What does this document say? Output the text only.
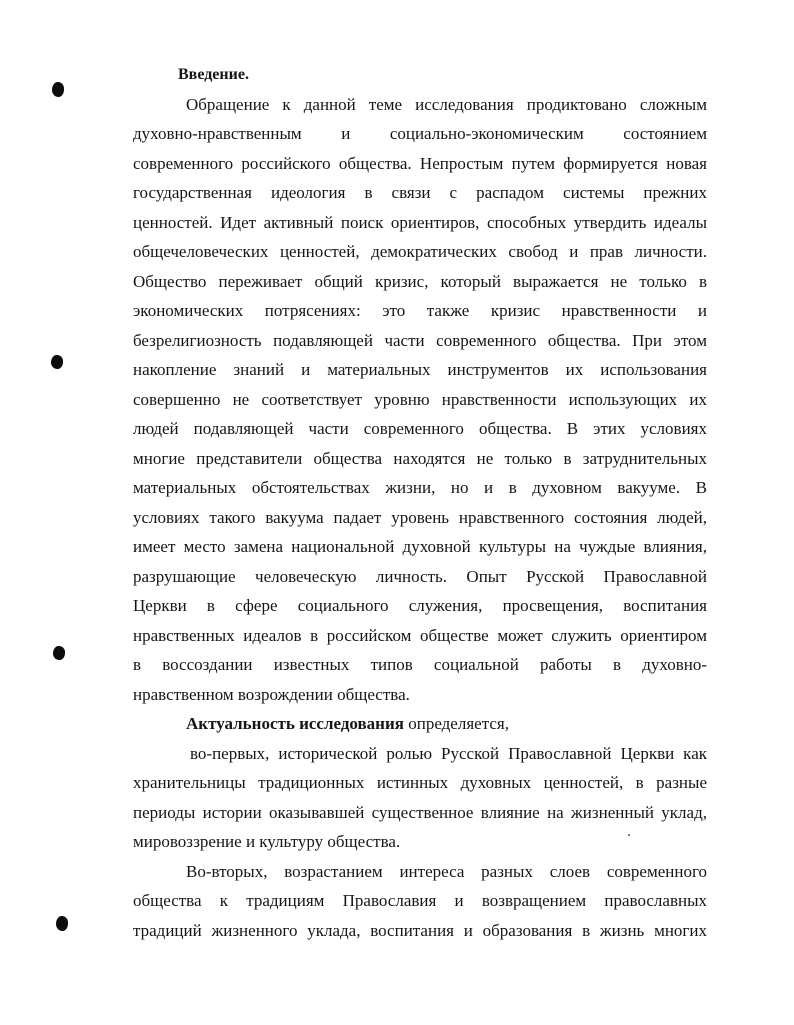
Введение.
Обращение к данной теме исследования продиктовано сложным
духовно-нравственным и социально-экономическим состоянием
современного российского общества. Непростым путем формируется новая
государственная идеология в связи с распадом системы прежних
ценностей. Идет активный поиск ориентиров, способных утвердить идеалы
общечеловеческих ценностей, демократических свобод и прав личности.
Общество переживает общий кризис, который выражается не только в
экономических потрясениях: это также кризис нравственности и
безрелигиозность подавляющей части современного общества. При этом
накопление знаний и материальных инструментов их использования
совершенно не соответствует уровню нравственности использующих их
людей подавляющей части современного общества. В этих условиях
многие представители общества находятся не только в затруднительных
материальных обстоятельствах жизни, но и в духовном вакууме. В
условиях такого вакуума падает уровень нравственного состояния людей,
имеет место замена национальной духовной культуры на чуждые влияния,
разрушающие человеческую личность. Опыт Русской Православной
Церкви в сфере социального служения, просвещения, воспитания
нравственных идеалов в российском обществе может служить ориентиром
в воссоздании известных типов социальной работы в духовно-
нравственном возрождении общества.
Актуальность исследования определяется,
во-первых, исторической ролью Русской Православной Церкви как
хранительницы традиционных истинных духовных ценностей, в разные
периоды истории оказывавшей существенное влияние на жизненный уклад,
мировоззрение и культуру общества.
Во-вторых, возрастанием интереса разных слоев современного
общества к традициям Православия и возвращением православных
традиций жизненного уклада, воспитания и образования в жизнь многих
